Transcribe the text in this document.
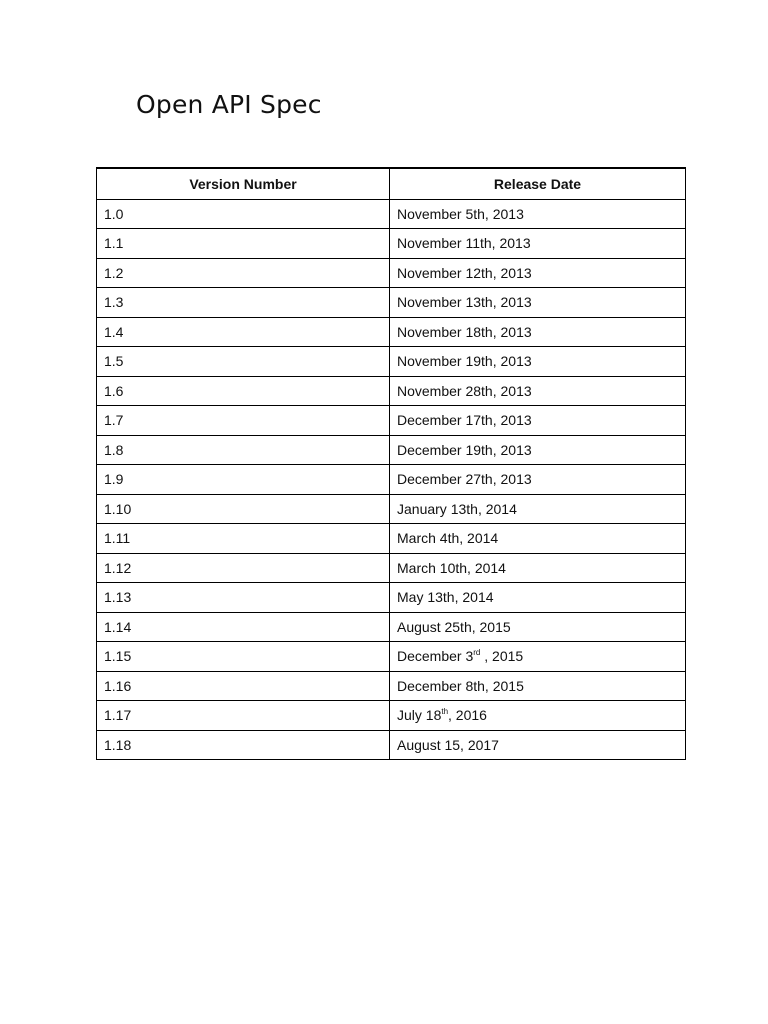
Open API Spec
Version Number	Release Date
1.0	November 5th, 2013
1.1	November 11th, 2013
1.2	November 12th, 2013
1.3	November 13th, 2013
1.4	November 18th, 2013
1.5	November 19th, 2013
1.6	November 28th, 2013
1.7	December 17th, 2013
1.8	December 19th, 2013
1.9	December 27th, 2013
1.10	January 13th, 2014
1.11	March 4th, 2014
1.12	March 10th, 2014
1.13	May 13th, 2014
1.14	August 25th, 2015
1.15	December 3rd , 2015
1.16	December 8th, 2015
1.17	July 18th, 2016
1.18	August 15, 2017
